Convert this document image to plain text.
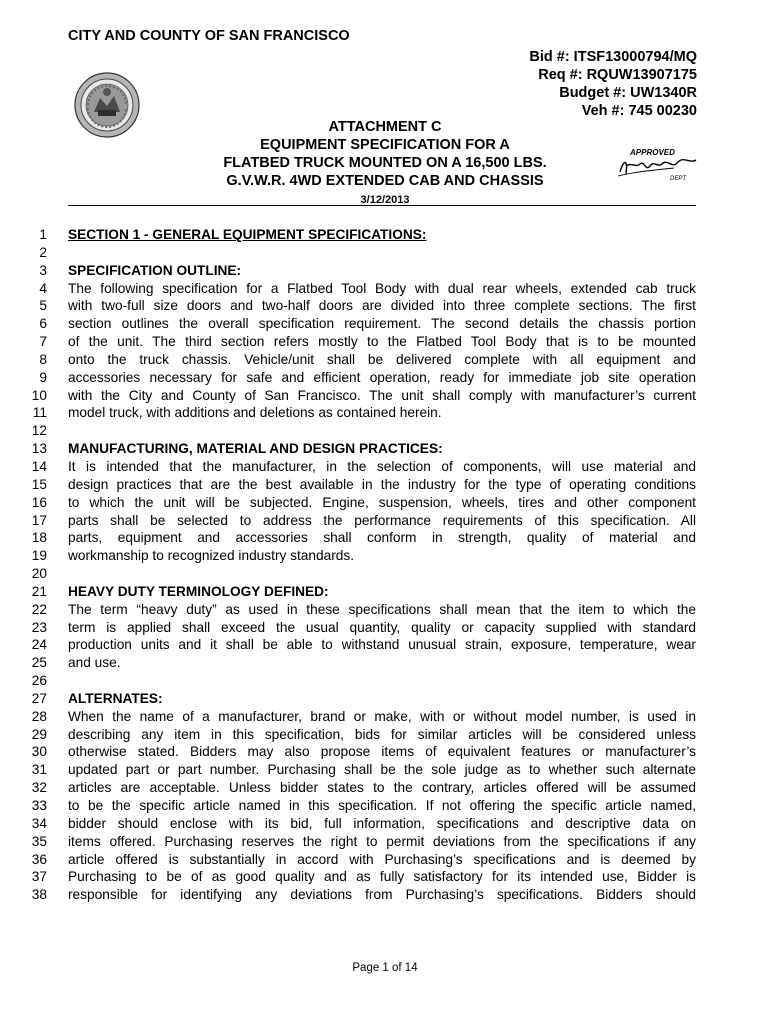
CITY AND COUNTY OF SAN FRANCISCO
Bid #: ITSF13000794/MQ
Req #: RQUW13907175
Budget #: UW1340R
Veh #: 745 00230
ATTACHMENT C
EQUIPMENT SPECIFICATION FOR A
FLATBED TRUCK MOUNTED ON A 16,500 LBS.
G.V.W.R. 4WD EXTENDED CAB AND CHASSIS
3/12/2013
APPROVED
DEPT.
1 SECTION 1 - GENERAL EQUIPMENT SPECIFICATIONS:
2
3 SPECIFICATION OUTLINE:
4 The following specification for a Flatbed Tool Body with dual rear wheels, extended cab truck
5 with two-full size doors and two-half doors are divided into three complete sections. The first
6 section outlines the overall specification requirement. The second details the chassis portion
7 of the unit. The third section refers mostly to the Flatbed Tool Body that is to be mounted
8 onto the truck chassis. Vehicle/unit shall be delivered complete with all equipment and
9 accessories necessary for safe and efficient operation, ready for immediate job site operation
10 with the City and County of San Francisco. The unit shall comply with manufacturer’s current
11 model truck, with additions and deletions as contained herein.
12
13 MANUFACTURING, MATERIAL AND DESIGN PRACTICES:
14 It is intended that the manufacturer, in the selection of components, will use material and
15 design practices that are the best available in the industry for the type of operating conditions
16 to which the unit will be subjected. Engine, suspension, wheels, tires and other component
17 parts shall be selected to address the performance requirements of this specification. All
18 parts, equipment and accessories shall conform in strength, quality of material and
19 workmanship to recognized industry standards.
20
21 HEAVY DUTY TERMINOLOGY DEFINED:
22 The term “heavy duty” as used in these specifications shall mean that the item to which the
23 term is applied shall exceed the usual quantity, quality or capacity supplied with standard
24 production units and it shall be able to withstand unusual strain, exposure, temperature, wear
25 and use.
26
27 ALTERNATES:
28 When the name of a manufacturer, brand or make, with or without model number, is used in
29 describing any item in this specification, bids for similar articles will be considered unless
30 otherwise stated. Bidders may also propose items of equivalent features or manufacturer’s
31 updated part or part number. Purchasing shall be the sole judge as to whether such alternate
32 articles are acceptable. Unless bidder states to the contrary, articles offered will be assumed
33 to be the specific article named in this specification. If not offering the specific article named,
34 bidder should enclose with its bid, full information, specifications and descriptive data on
35 items offered. Purchasing reserves the right to permit deviations from the specifications if any
36 article offered is substantially in accord with Purchasing’s specifications and is deemed by
37 Purchasing to be of as good quality and as fully satisfactory for its intended use, Bidder is
38 responsible for identifying any deviations from Purchasing’s specifications. Bidders should
Page 1 of 14
